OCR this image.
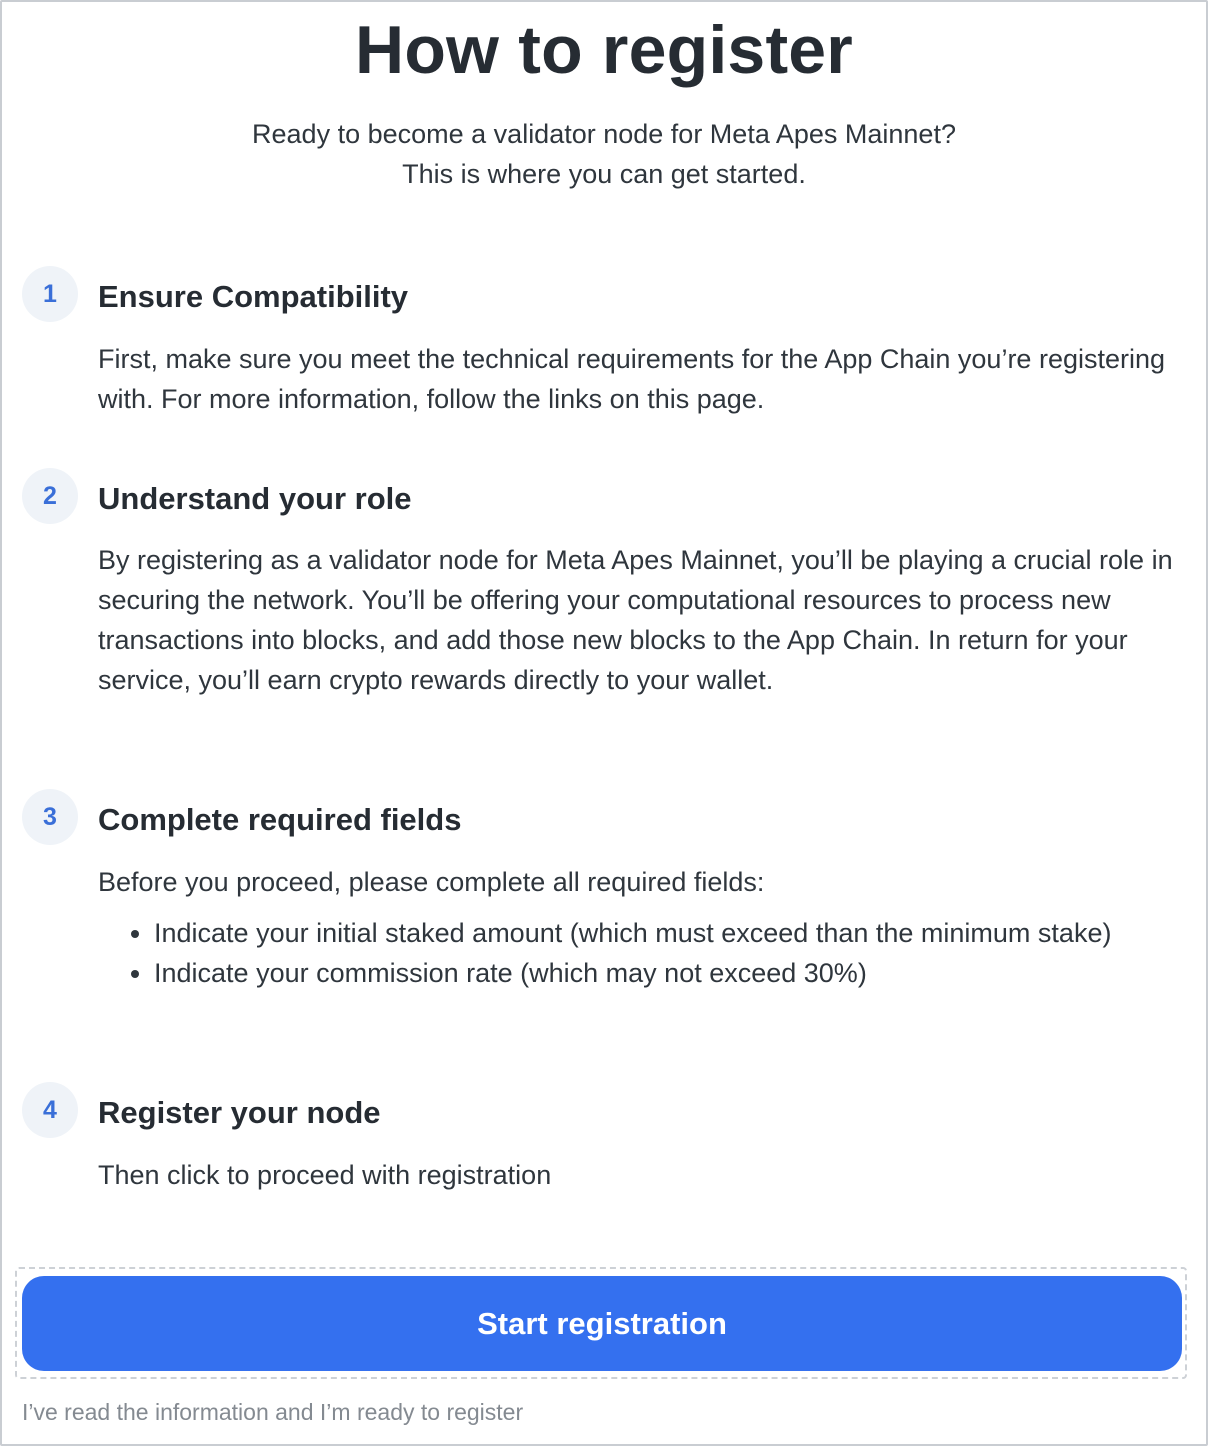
How to register
Ready to become a validator node for Meta Apes Mainnet?
This is where you can get started.
1	Ensure Compatibility
First, make sure you meet the technical requirements for the App Chain you’re registering with. For more information, follow the links on this page.
2	Understand your role
By registering as a validator node for Meta Apes Mainnet, you’ll be playing a crucial role in securing the network. You’ll be offering your computational resources to process new transactions into blocks, and add those new blocks to the App Chain. In return for your service, you’ll earn crypto rewards directly to your wallet.
3	Complete required fields
Before you proceed, please complete all required fields:
• Indicate your initial staked amount (which must exceed than the minimum stake)
• Indicate your commission rate (which may not exceed 30%)
4	Register your node
Then click to proceed with registration
Start registration
I’ve read the information and I’m ready to register
